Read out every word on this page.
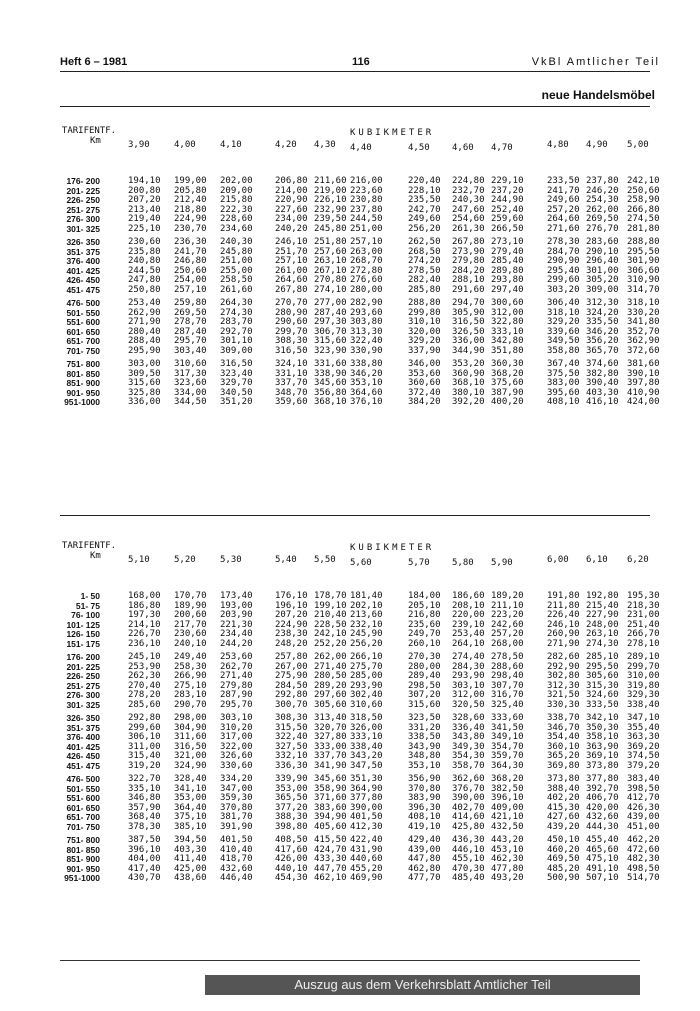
Heft 6 – 1981	116	VkBl Amtlicher Teil
neue Handelsmöbel
TARIFENTF.
Km
KUBIKMETER
3,90	4,00	4,10	4,20 4,30 4,40	4,50 4,60 4,70	4,80 4,90 5,00
176- 200	194,10 199,00 202,00 206,80 211,60 216,00	220,40 224,80 229,10	233,50 237,80 242,10
201- 225	200,80 205,80 209,00 214,00 219,00 223,60	228,10 232,70 237,20	241,70 246,20 250,60
226- 250	207,20 212,40 215,80 220,90 226,10 230,80	235,50 240,30 244,90	249,60 254,30 258,90
251- 275	213,40 218,80 222,30 227,60 232,90 237,80	242,70 247,60 252,40	257,20 262,00 266,80
276- 300	219,40 224,90 228,60 234,00 239,50 244,50	249,60 254,60 259,60	264,60 269,50 274,50
301- 325	225,10 230,70 234,60 240,20 245,80 251,00	256,20 261,30 266,50	271,60 276,70 281,80
326- 350	230,60 236,30 240,30 246,10 251,80 257,10	262,50 267,80 273,10	278,30 283,60 288,80
351- 375	235,80 241,70 245,80 251,70 257,60 263,00	268,50 273,90 279,40	284,70 290,10 295,50
376- 400	240,80 246,80 251,00 257,10 263,10 268,70	274,20 279,80 285,40	290,90 296,40 301,90
401- 425	244,50 250,60 255,00 261,00 267,10 272,80	278,50 284,20 289,80	295,40 301,00 306,60
426- 450	247,80 254,00 258,50 264,60 270,80 276,60	282,40 288,10 293,80	299,60 305,20 310,90
451- 475	250,80 257,10 261,60 267,80 274,10 280,00	285,80 291,60 297,40	303,20 309,00 314,70
476- 500	253,40 259,80 264,30 270,70 277,00 282,90	288,80 294,70 300,60	306,40 312,30 318,10
501- 550	262,90 269,50 274,30 280,90 287,40 293,60	299,80 305,90 312,00	318,10 324,20 330,20
551- 600	271,90 278,70 283,70 290,60 297,30 303,80	310,10 316,50 322,80	329,20 335,50 341,80
601- 650	280,40 287,40 292,70 299,70 306,70 313,30	320,00 326,50 333,10	339,60 346,20 352,70
651- 700	288,40 295,70 301,10 308,30 315,60 322,40	329,20 336,00 342,80	349,50 356,20 362,90
701- 750	295,90 303,40 309,00 316,50 323,90 330,90	337,90 344,90 351,80	358,80 365,70 372,60
751- 800	303,00 310,60 316,50 324,10 331,60 338,80	346,00 353,20 360,30	367,40 374,60 381,60
801- 850	309,50 317,30 323,40 331,10 338,90 346,20	353,60 360,90 368,20	375,50 382,80 390,10
851- 900	315,60 323,60 329,70 337,70 345,60 353,10	360,60 368,10 375,60	383,00 390,40 397,80
901- 950	325,80 334,00 340,50 348,70 356,80 364,60	372,40 380,10 387,90	395,60 403,30 410,90
951-1000	336,00 344,50 351,20 359,60 368,10 376,10	384,20 392,20 400,20	408,10 416,10 424,00
TARIFENTF.
Km
KUBIKMETER
5,10	5,20	5,30	5,40 5,50 5,60	5,70 5,80 5,90	6,00 6,10 6,20
1- 50	168,00 170,70 173,40 176,10 178,70 181,40	184,00 186,60 189,20	191,80 192,80 195,30
51- 75	186,80 189,90 193,00 196,10 199,10 202,10	205,10 208,10 211,10	211,80 215,40 218,30
76- 100	197,30 200,60 203,90 207,20 210,40 213,60	216,80 220,00 223,20	226,40 227,90 231,00
101- 125	214,10 217,70 221,30 224,90 228,50 232,10	235,60 239,10 242,60	246,10 248,00 251,40
126- 150	226,70 230,60 234,40 238,30 242,10 245,90	249,70 253,40 257,20	260,90 263,10 266,70
151- 175	236,10 240,10 244,20 248,20 252,20 256,20	260,10 264,10 268,00	271,90 274,30 278,10
176- 200	245,10 249,40 253,60 257,80 262,00 266,10	270,30 274,40 278,50	282,60 285,10 289,10
201- 225	253,90 258,30 262,70 267,00 271,40 275,70	280,00 284,30 288,60	292,90 295,50 299,70
226- 250	262,30 266,90 271,40 275,90 280,50 285,00	289,40 293,90 298,40	302,80 305,60 310,00
251- 275	270,40 275,10 279,80 284,50 289,20 293,90	298,50 303,10 307,70	312,30 315,30 319,80
276- 300	278,20 283,10 287,90 292,80 297,60 302,40	307,20 312,00 316,70	321,50 324,60 329,30
301- 325	285,60 290,70 295,70 300,70 305,60 310,60	315,60 320,50 325,40	330,30 333,50 338,40
326- 350	292,80 298,00 303,10 308,30 313,40 318,50	323,50 328,60 333,60	338,70 342,10 347,10
351- 375	299,60 304,90 310,20 315,50 320,70 326,00	331,20 336,40 341,50	346,70 350,30 355,40
376- 400	306,10 311,60 317,00 322,40 327,80 333,10	338,50 343,80 349,10	354,40 358,10 363,30
401- 425	311,00 316,50 322,00 327,50 333,00 338,40	343,90 349,30 354,70	360,10 363,90 369,20
426- 450	315,40 321,00 326,60 332,10 337,70 343,20	348,80 354,30 359,70	365,20 369,10 374,50
451- 475	319,20 324,90 330,60 336,30 341,90 347,50	353,10 358,70 364,30	369,80 373,80 379,20
476- 500	322,70 328,40 334,20 339,90 345,60 351,30	356,90 362,60 368,20	373,80 377,80 383,40
501- 550	335,10 341,10 347,00 353,00 358,90 364,90	370,80 376,70 382,50	388,40 392,70 398,50
551- 600	346,80 353,00 359,30 365,50 371,60 377,80	383,90 390,00 396,10	402,20 406,70 412,70
601- 650	357,90 364,40 370,80 377,20 383,60 390,00	396,30 402,70 409,00	415,30 420,00 426,30
651- 700	368,40 375,10 381,70 388,30 394,90 401,50	408,10 414,60 421,10	427,60 432,60 439,00
701- 750	378,30 385,10 391,90 398,80 405,60 412,30	419,10 425,80 432,50	439,20 444,30 451,00
751- 800	387,50 394,50 401,50 408,50 415,50 422,40	429,40 436,30 443,20	450,10 455,40 462,20
801- 850	396,10 403,30 410,40 417,60 424,70 431,90	439,00 446,10 453,10	460,20 465,60 472,60
851- 900	404,00 411,40 418,70 426,00 433,30 440,60	447,80 455,10 462,30	469,50 475,10 482,30
901- 950	417,40 425,00 432,60 440,10 447,70 455,20	462,80 470,30 477,80	485,20 491,10 498,50
951-1000	430,70 438,60 446,40 454,30 462,10 469,90	477,70 485,40 493,20	500,90 507,10 514,70
Auszug aus dem Verkehrsblatt Amtlicher Teil
